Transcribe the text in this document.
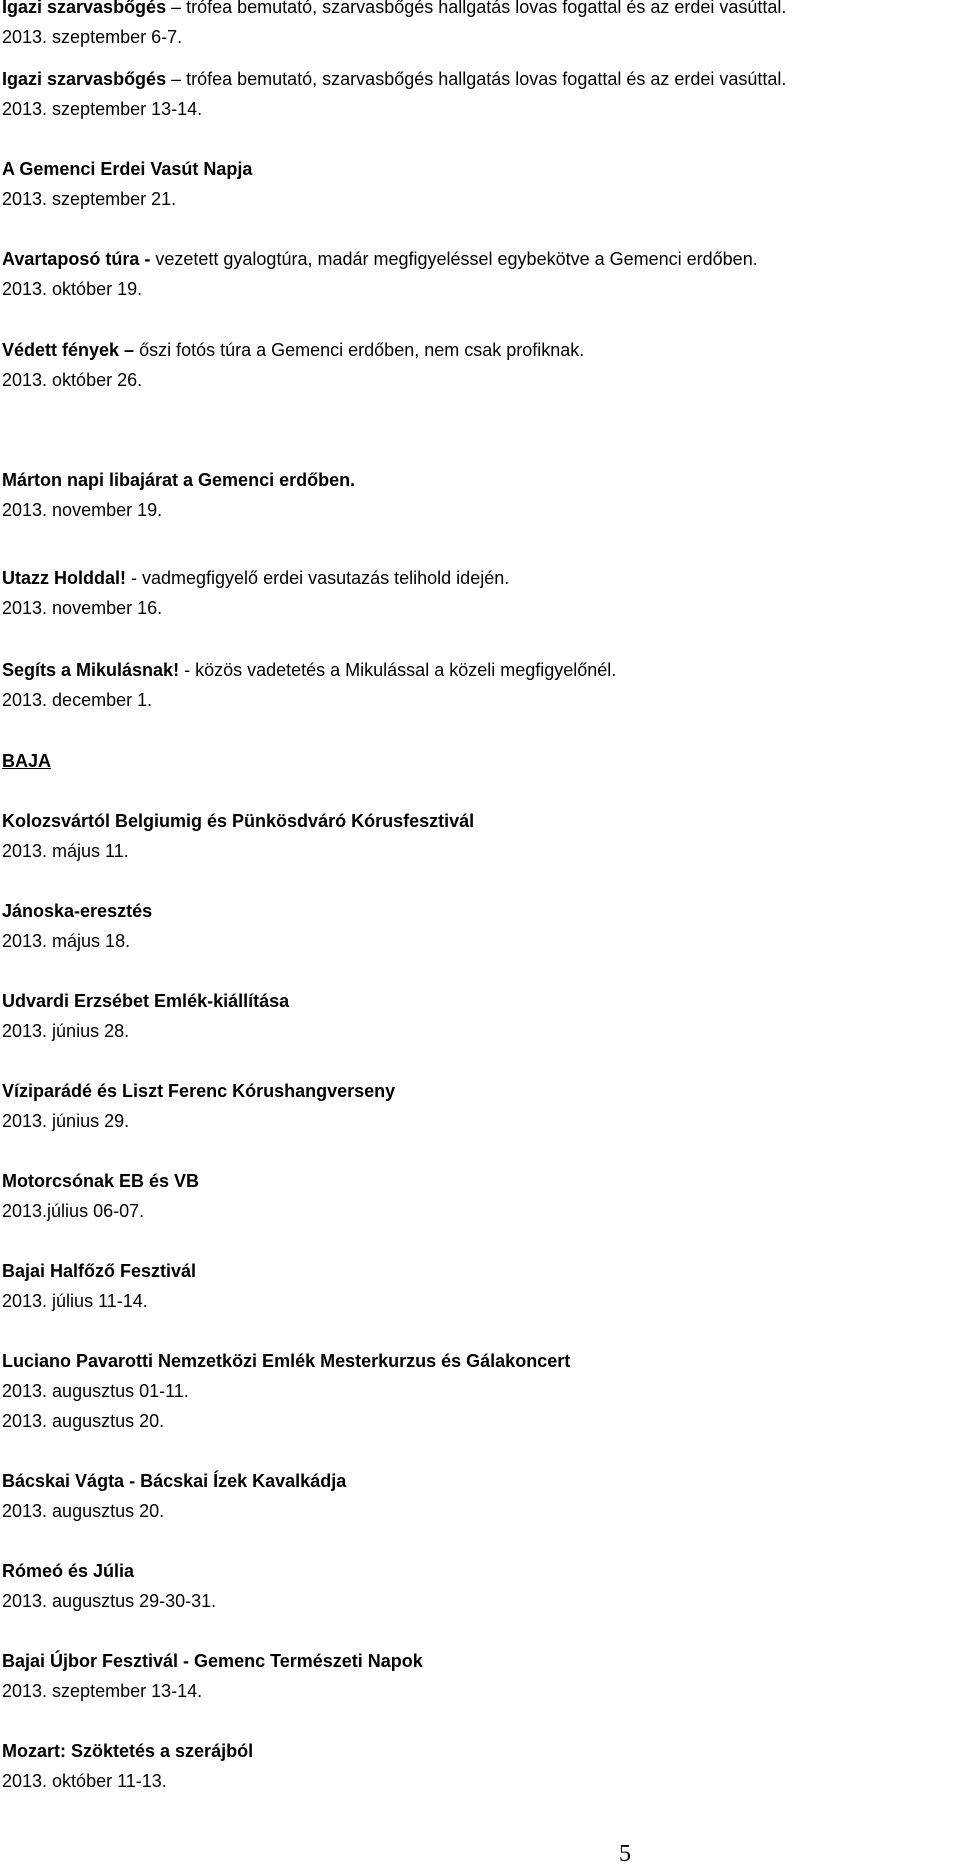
Igazi szarvasbőgés – trófea bemutató, szarvasbőgés hallgatás lovas fogattal és az erdei vasúttal.
2013. szeptember 6-7.
Igazi szarvasbőgés – trófea bemutató, szarvasbőgés hallgatás lovas fogattal és az erdei vasúttal.
2013. szeptember 13-14.
A Gemenci Erdei Vasút Napja
2013. szeptember 21.
Avartaposó túra - vezetett gyalogtúra, madár megfigyeléssel egybekötve a Gemenci erdőben.
2013. október 19.
Védett fények – őszi fotós túra a Gemenci erdőben, nem csak profiknak.
2013. október 26.
Márton napi libajárat a Gemenci erdőben.
2013. november 19.
Utazz Holddal! - vadmegfigyelő erdei vasutazás telihold idején.
2013. november 16.
Segíts a Mikulásnak! - közös vadetetés a Mikulással a közeli megfigyelőnél.
2013. december 1.
BAJA
Kolozsvártól Belgiumig és Pünkösdváró Kórusfesztivál
2013. május 11.
Jánoska-eresztés
2013. május 18.
Udvardi Erzsébet Emlék-kiállítása
2013. június 28.
Víziparádé és Liszt Ferenc Kórushangverseny
2013. június 29.
Motorcsónak EB és VB
2013.július 06-07.
Bajai Halfőző Fesztivál
2013. július 11-14.
Luciano Pavarotti Nemzetközi Emlék Mesterkurzus és Gálakoncert
2013. augusztus 01-11.
2013. augusztus 20.
Bácskai Vágta - Bácskai Ízek Kavalkádja
2013. augusztus 20.
Rómeó és Júlia
2013. augusztus 29-30-31.
Bajai Újbor Fesztivál - Gemenc Természeti Napok
2013. szeptember 13-14.
Mozart: Szöktetés a szerájból
2013. október 11-13.
5
